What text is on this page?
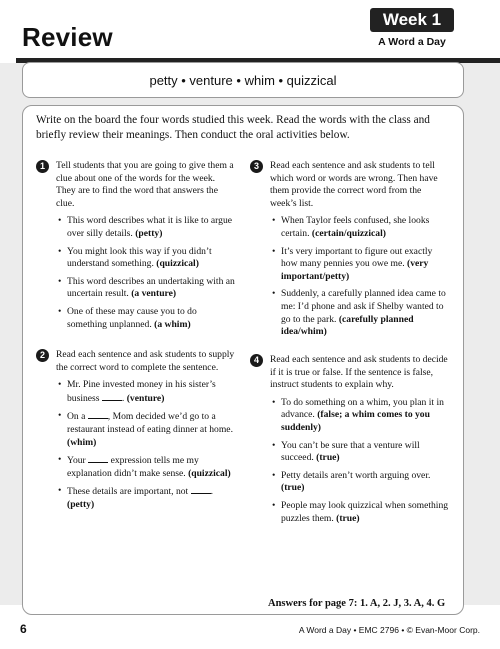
Review
Week 1
A Word a Day
petty • venture • whim • quizzical
Write on the board the four words studied this week. Read the words with the class and briefly review their meanings. Then conduct the oral activities below.
1	Tell students that you are going to give them a clue about one of the words for the week. They are to find the word that answers the clue.
• This word describes what it is like to argue over silly details. (petty)
• You might look this way if you didn’t understand something. (quizzical)
• This word describes an undertaking with an uncertain result. (a venture)
• One of these may cause you to do something unplanned. (a whim)
2	Read each sentence and ask students to supply the correct word to complete the sentence.
• Mr. Pine invested money in his sister’s business . (venture)
• On a , Mom decided we’d go to a restaurant instead of eating dinner at home. (whim)
• Your	expression tells me my explanation didn’t make sense. (quizzical)
• These details are important, not . (petty)
3	Read each sentence and ask students to tell which word or words are wrong. Then have them provide the correct word from the week’s list.
• When Taylor feels confused, she looks certain. (certain/quizzical)
• It’s very important to figure out exactly how many pennies you owe me. (very important/petty)
• Suddenly, a carefully planned idea came to me: I’d phone and ask if Shelby wanted to go to the park. (carefully planned idea/whim)
4	Read each sentence and ask students to decide if it is true or false. If the sentence is false, instruct students to explain why.
• To do something on a whim, you plan it in advance. (false; a whim comes to you suddenly)
• You can’t be sure that a venture will succeed. (true)
• Petty details aren’t worth arguing over. (true)
• People may look quizzical when something puzzles them. (true)
Answers for page 7: 1. A, 2. J, 3. A, 4. G
6	A Word a Day • EMC 2796 • © Evan-Moor Corp.
